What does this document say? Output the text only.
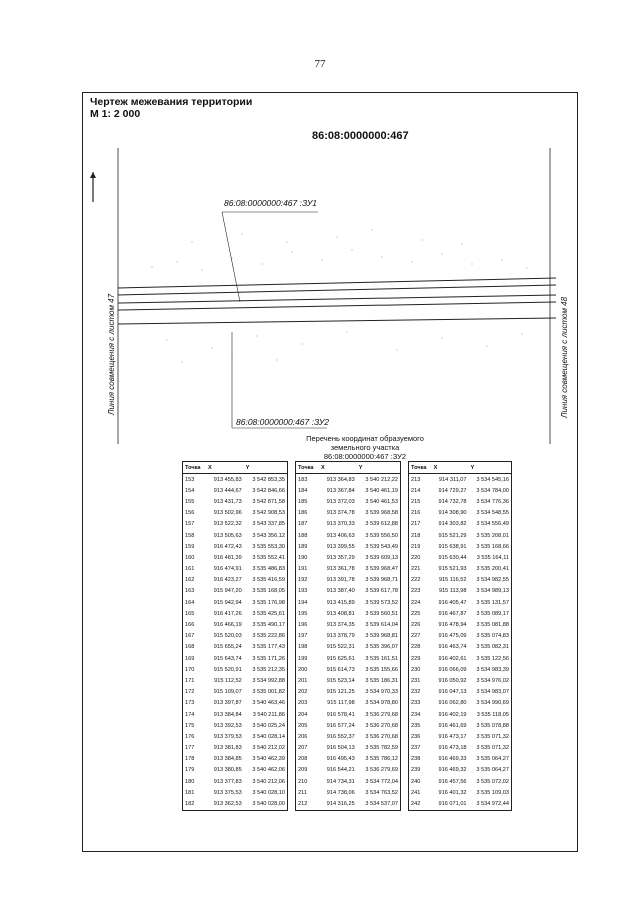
77
Чертеж межевания территории
М 1: 2 000
86:08:0000000:467
86:08:0000000:467 :ЗУ1
86:08:0000000:467 :ЗУ2
Линия совмещения с листом 47	Линия совмещения с листом 48
Перечень координат образуемого
земельного участка
86:08:0000000:467 :ЗУ2
Точка	X	Y
153	913 455,83	3 542 853,35
154	913 444,67	3 542 846,66
155	913 431,73	3 542 871,58
156	913 502,96	3 542 908,53
157	913 522,32	3 543 337,85
158	913 505,63	3 543 356,12
159	916 472,43	3 535 553,30
160	916 481,39	3 535 552,41
161	916 474,91	3 535 486,83
162	916 423,27	3 535 416,59
163	915 947,20	3 535 168,05
164	915 942,94	3 535 176,98
165	916 417,26	3 535 425,61
166	916 466,19	3 535 490,17
167	915 520,03	3 535 222,86
168	915 655,24	3 535 177,43
169	915 643,74	3 535 171,26
170	915 520,91	3 535 212,35
171	915 112,52	3 534 992,88
172	915 109,07	3 535 001,82
173	913 397,87	3 540 463,46
174	913 384,84	3 540 211,86
175	913 392,53	3 540 025,24
176	913 379,53	3 540 028,14
177	913 381,83	3 540 212,02
178	913 384,85	3 540 462,39
179	913 380,85	3 540 462,06
180	913 377,83	3 540 212,06
181	913 375,53	3 540 028,10
182	913 362,53	3 540 028,00
Точка	X	Y
183	913 364,83	3 540 212,22
184	913 367,84	3 540 461,19
185	913 372,03	3 540 461,53
186	913 374,78	3 539 968,58
187	913 370,33	3 539 612,88
188	913 406,63	3 539 556,50
189	913 399,55	3 539 543,49
190	913 357,29	3 539 609,13
191	913 361,78	3 539 968,47
192	913 391,78	3 539 968,71
193	913 387,40	3 539 617,78
194	913 415,89	3 539 573,52
195	913 408,81	3 539 560,51
196	913 374,35	3 539 614,04
197	913 378,79	3 539 968,81
198	915 522,31	3 535 396,07
199	915 625,61	3 535 161,51
200	915 614,73	3 535 155,66
201	915 523,14	3 535 186,31
202	915 121,25	3 534 970,33
203	915 117,98	3 534 978,80
204	916 578,41	3 536 279,68
205	916 577,24	3 536 270,68
206	916 552,37	3 536 270,68
207	916 504,13	3 535 782,59
208	916 495,43	3 535 786,12
209	916 544,21	3 536 279,69
210	914 734,31	3 534 772,04
211	914 738,06	3 534 763,52
212	914 316,25	3 534 537,07
Точка	X	Y
213	914 311,07	3 534 545,16
214	914 729,27	3 534 784,00
215	914 732,78	3 534 776,36
216	914 308,90	3 534 548,55
217	914 303,82	3 534 556,49
218	915 521,29	3 535 208,01
219	915 638,91	3 535 168,66
220	915 630,44	3 535 164,11
221	915 521,93	3 535 200,41
222	915 116,52	3 534 982,55
223	915 113,98	3 534 989,13
224	916 405,47	3 535 131,57
225	916 467,87	3 535 089,17
226	916 478,94	3 535 081,88
227	916 475,09	3 535 074,83
228	916 463,74	3 535 082,31
229	916 402,61	3 535 122,56
230	916 066,09	3 534 983,39
231	916 050,92	3 534 976,02
232	916 047,13	3 534 983,07
233	916 062,80	3 534 990,69
234	916 402,19	3 535 118,05
235	916 461,69	3 535 078,88
236	916 473,17	3 535 071,32
237	916 473,18	3 535 071,32
238	916 469,33	3 535 064,27
239	916 469,32	3 535 064,27
240	916 457,56	3 535 072,02
241	916 401,32	3 535 109,03
242	916 071,01	3 534 972,44
